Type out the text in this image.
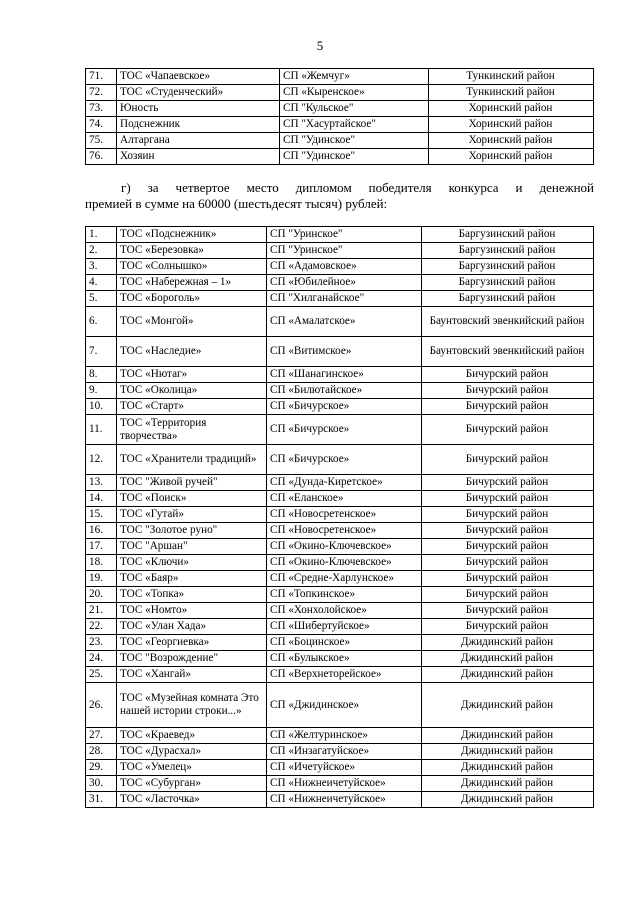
5
71.	ТОС «Чапаевское»	СП «Жемчуг»	Тункинский район
72.	ТОС «Студенческий»	СП «Кыренское»	Тункинский район
73.	Юность	СП "Кульское"	Хоринский район
74.	Подснежник	СП "Хасуртайское"	Хоринский район
75.	Алтаргана	СП "Удинское"	Хоринский район
76.	Хозяин	СП "Удинское"	Хоринский район
г) за четвертое место дипломом победителя конкурса и денежной
премией в сумме на 60000 (шестьдесят тысяч) рублей:
1.	ТОС «Подснежник»	СП "Уринское"	Баргузинский район
2.	ТОС «Березовка»	СП "Уринское"	Баргузинский район
3.	ТОС «Солнышко»	СП «Адамовское»	Баргузинский район
4.	ТОС «Набережная – 1»	СП «Юбилейное»	Баргузинский район
5.	ТОС «Бороголь»	СП "Хилганайское"	Баргузинский район
6.	ТОС «Монгой»	СП «Амалатское»	Баунтовский эвенкийский район
7.	ТОС «Наследие»	СП «Витимское»	Баунтовский эвенкийский район
8.	ТОС «Нютаг»	СП «Шанагинское»	Бичурский район
9.	ТОС «Околица»	СП «Билютайское»	Бичурский район
10.	ТОС «Старт»	СП «Бичурское»	Бичурский район
11.	ТОС «Территория творчества»	СП «Бичурское»	Бичурский район
12.	ТОС «Хранители традиций»	СП «Бичурское»	Бичурский район
13.	ТОС "Живой ручей"	СП «Дунда-Киретское»	Бичурский район
14.	ТОС «Поиск»	СП «Еланское»	Бичурский район
15.	ТОС «Гутай»	СП «Новосретенское»	Бичурский район
16.	ТОС "Золотое руно"	СП «Новосретенское»	Бичурский район
17.	ТОС "Аршан"	СП «Окино-Ключевское»	Бичурский район
18.	ТОС «Ключи»	СП «Окино-Ключевское»	Бичурский район
19.	ТОС «Баяр»	СП «Средне-Харлунское»	Бичурский район
20.	ТОС «Топка»	СП «Топкинское»	Бичурский район
21.	ТОС «Номто»	СП «Хонхолойское»	Бичурский район
22.	ТОС «Улан Хада»	СП «Шибертуйское»	Бичурский район
23.	ТОС «Георгиевка»	СП «Боцинское»	Джидинский район
24.	ТОС "Возрождение"	СП «Булыкское»	Джидинский район
25.	ТОС «Хангай»	СП «Верхнеторейское»	Джидинский район
26.	ТОС «Музейная комната Это нашей истории строки...»	СП «Джидинское»	Джидинский район
27.	ТОС «Краевед»	СП «Желтуринское»	Джидинский район
28.	ТОС «Дурасхал»	СП «Инзагатуйское»	Джидинский район
29.	ТОС «Умелец»	СП «Ичетуйское»	Джидинский район
30.	ТОС «Субурган»	СП «Нижнеичетуйское»	Джидинский район
31.	ТОС «Ласточка»	СП «Нижнеичетуйское»	Джидинский район
